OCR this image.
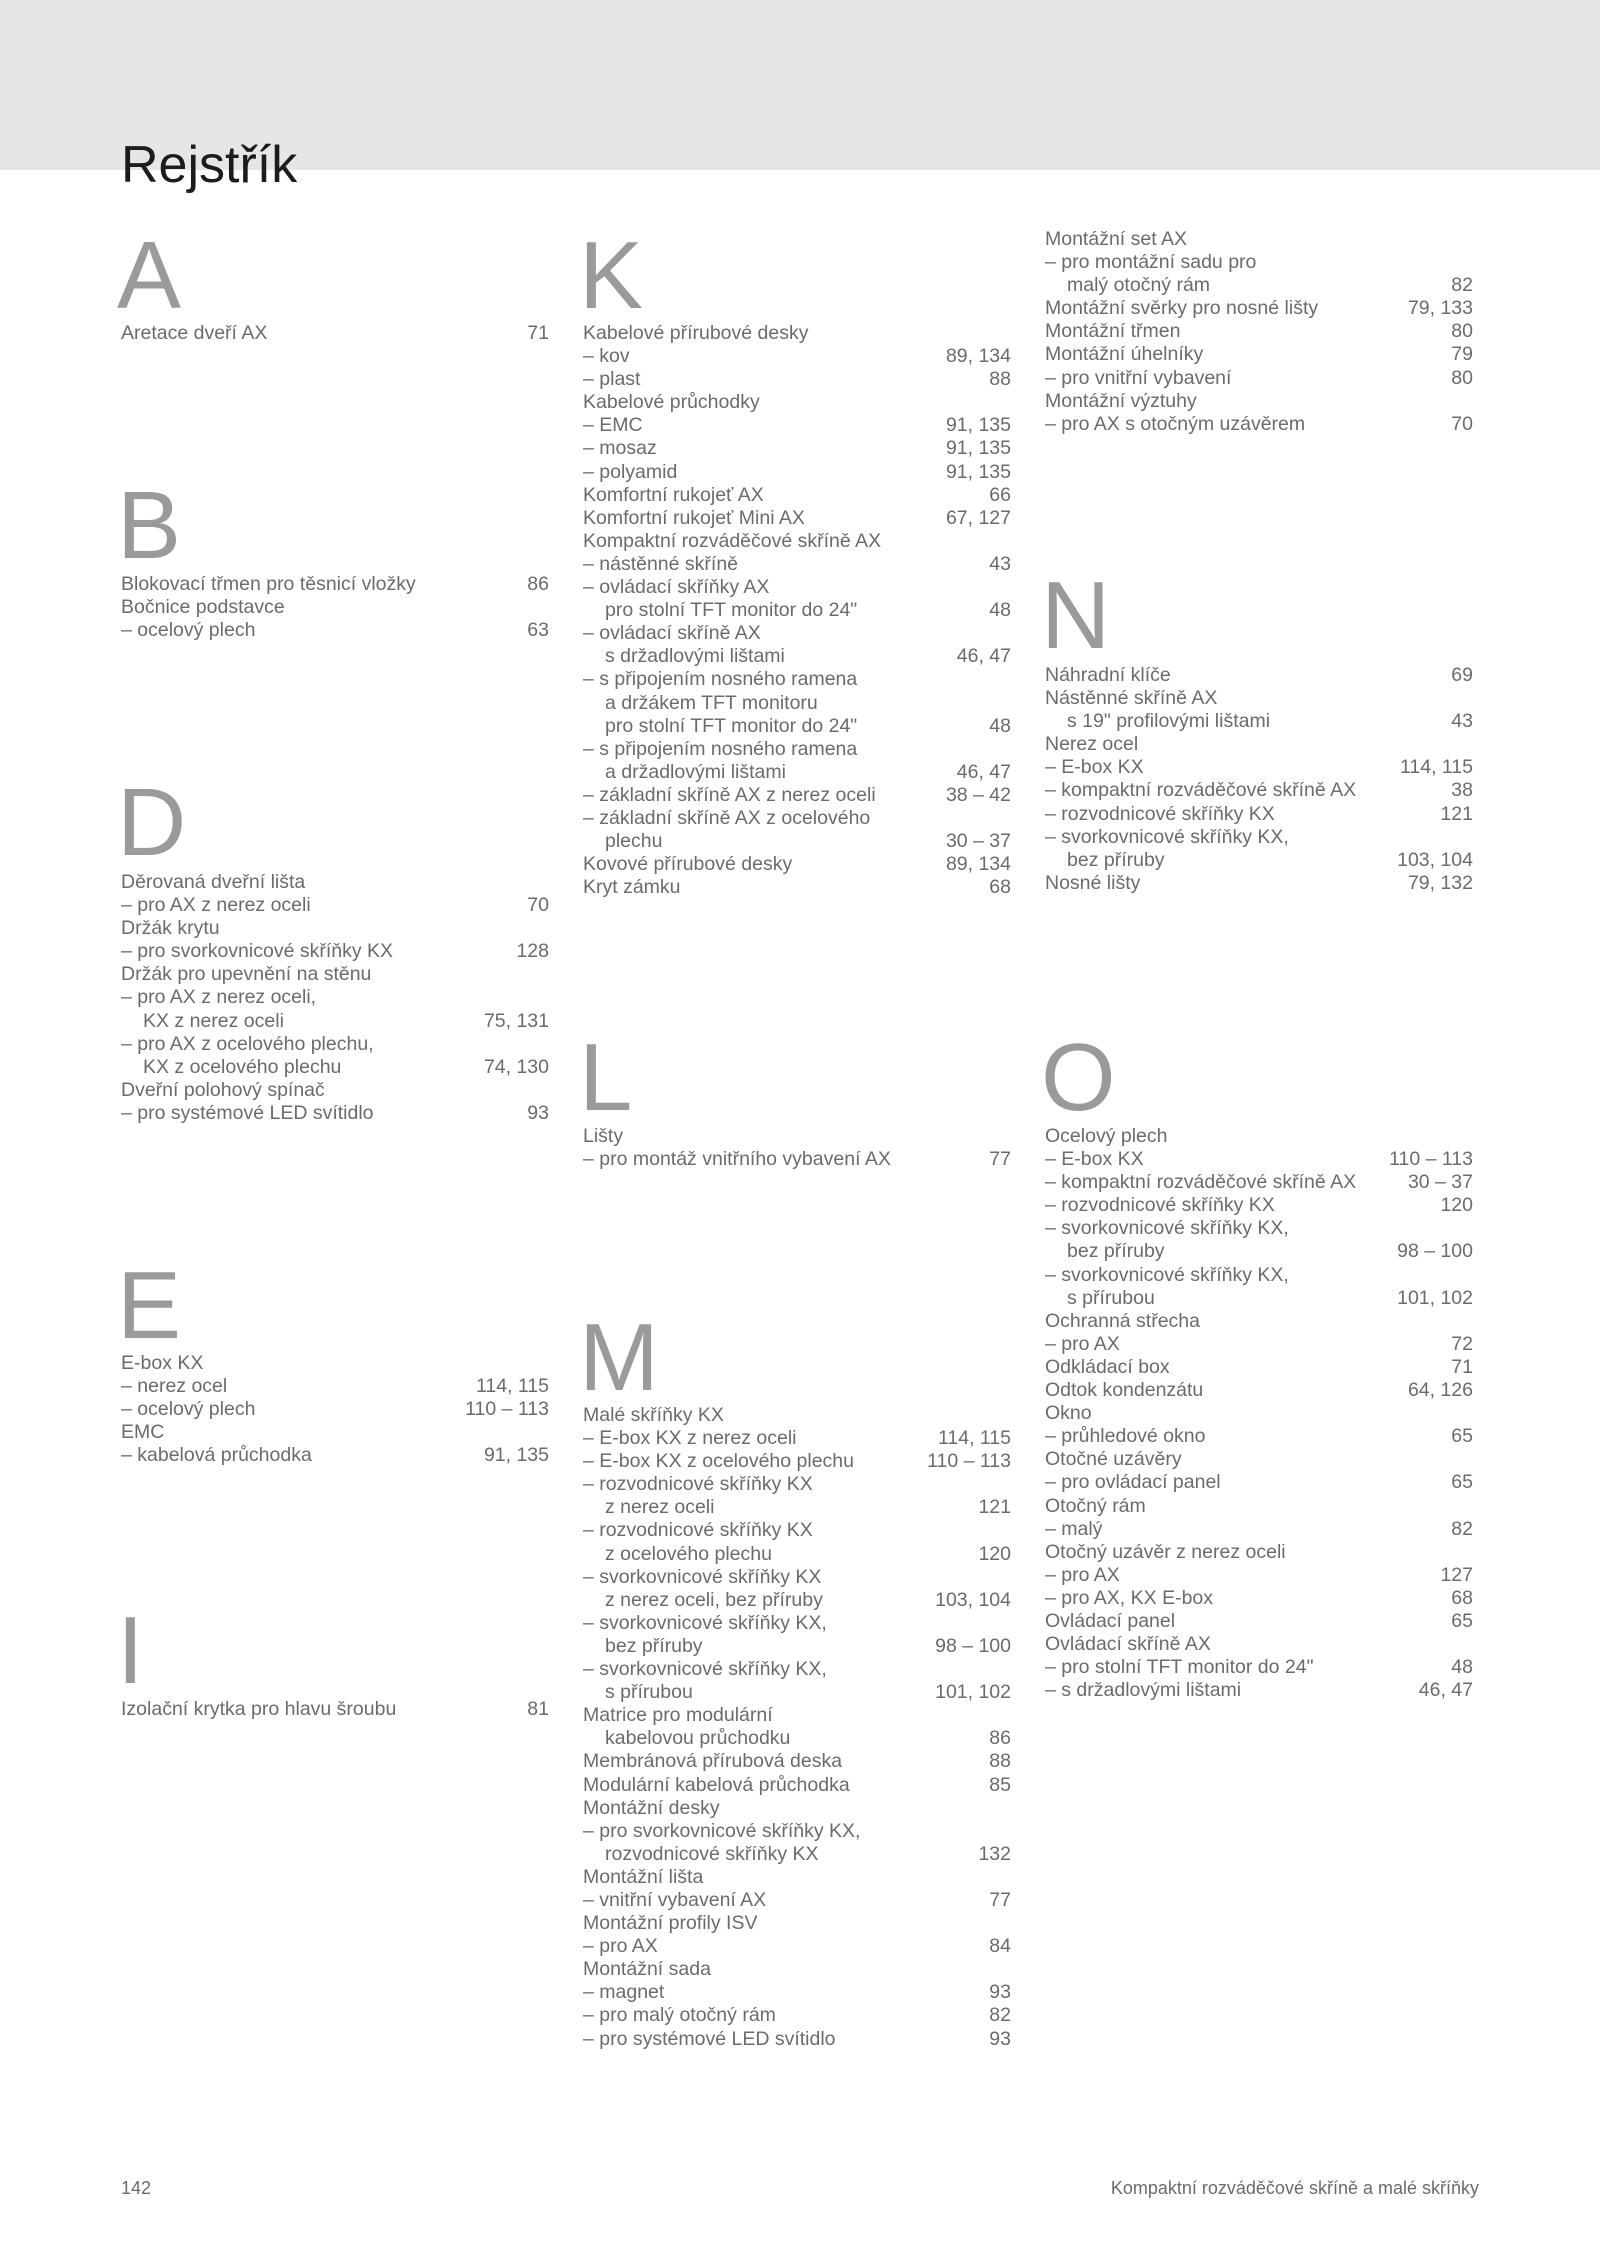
Rejstřík
A
Aretace dveří AX	71
B
Blokovací třmen pro těsnicí vložky	86
Bočnice podstavce
– ocelový plech	63
D
Děrovaná dveřní lišta
– pro AX z nerez oceli	70
Držák krytu
– pro svorkovnicové skříňky KX	128
Držák pro upevnění na stěnu
– pro AX z nerez oceli,
KX z nerez oceli	75, 131
– pro AX z ocelového plechu,
KX z ocelového plechu	74, 130
Dveřní polohový spínač
– pro systémové LED svítidlo	93
E
E-box KX
– nerez ocel	114, 115
– ocelový plech	110 – 113
EMC
– kabelová průchodka	91, 135
I
Izolační krytka pro hlavu šroubu	81
K
Kabelové přírubové desky
– kov	89, 134
– plast	88
Kabelové průchodky
– EMC	91, 135
– mosaz	91, 135
– polyamid	91, 135
Komfortní rukojeť AX	66
Komfortní rukojeť Mini AX	67, 127
Kompaktní rozváděčové skříně AX
– nástěnné skříně	43
– ovládací skříňky AX
pro stolní TFT monitor do 24"	48
– ovládací skříně AX
s držadlovými lištami	46, 47
– s připojením nosného ramena
a držákem TFT monitoru
pro stolní TFT monitor do 24"	48
– s připojením nosného ramena
a držadlovými lištami	46, 47
– základní skříně AX z nerez oceli	38 – 42
– základní skříně AX z ocelového
plechu	30 – 37
Kovové přírubové desky	89, 134
Kryt zámku	68
L
Lišty
– pro montáž vnitřního vybavení AX	77
M
Malé skříňky KX
– E-box KX z nerez oceli	114, 115
– E-box KX z ocelového plechu	110 – 113
– rozvodnicové skříňky KX
z nerez oceli	121
– rozvodnicové skříňky KX
z ocelového plechu	120
– svorkovnicové skříňky KX
z nerez oceli, bez příruby	103, 104
– svorkovnicové skříňky KX,
bez příruby	98 – 100
– svorkovnicové skříňky KX,
s přírubou	101, 102
Matrice pro modulární
kabelovou průchodku	86
Membránová přírubová deska	88
Modulární kabelová průchodka	85
Montážní desky
– pro svorkovnicové skříňky KX,
rozvodnicové skříňky KX	132
Montážní lišta
– vnitřní vybavení AX	77
Montážní profily ISV
– pro AX	84
Montážní sada
– magnet	93
– pro malý otočný rám	82
– pro systémové LED svítidlo	93
Montážní set AX
– pro montážní sadu pro
malý otočný rám	82
Montážní svěrky pro nosné lišty	79, 133
Montážní třmen	80
Montážní úhelníky	79
– pro vnitřní vybavení	80
Montážní výztuhy
– pro AX s otočným uzávěrem	70
N
Náhradní klíče	69
Nástěnné skříně AX
s 19" profilovými lištami	43
Nerez ocel
– E-box KX	114, 115
– kompaktní rozváděčové skříně AX	38
– rozvodnicové skříňky KX	121
– svorkovnicové skříňky KX,
bez příruby	103, 104
Nosné lišty	79, 132
O
Ocelový plech
– E-box KX	110 – 113
– kompaktní rozváděčové skříně AX	30 – 37
– rozvodnicové skříňky KX	120
– svorkovnicové skříňky KX,
bez příruby	98 – 100
– svorkovnicové skříňky KX,
s přírubou	101, 102
Ochranná střecha
– pro AX	72
Odkládací box	71
Odtok kondenzátu	64, 126
Okno
– průhledové okno	65
Otočné uzávěry
– pro ovládací panel	65
Otočný rám
– malý	82
Otočný uzávěr z nerez oceli
– pro AX	127
– pro AX, KX E-box	68
Ovládací panel	65
Ovládací skříně AX
– pro stolní TFT monitor do 24"	48
– s držadlovými lištami	46, 47
142	Kompaktní rozváděčové skříně a malé skříňky
